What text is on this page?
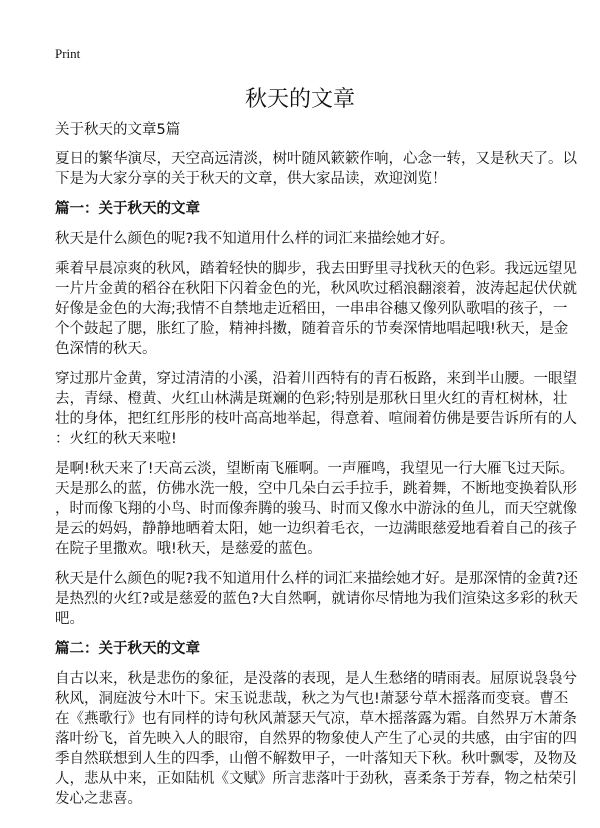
Print
秋天的文章
关于秋天的文章5篇
夏日的繁华演尽，天空高远清淡，树叶随风簌簌作响，心念一转，又是秋天了。以
下是为大家分享的关于秋天的文章，供大家品读，欢迎浏览！
篇一：关于秋天的文章
秋天是什么颜色的呢?我不知道用什么样的词汇来描绘她才好。
乘着早晨凉爽的秋风，踏着轻快的脚步，我去田野里寻找秋天的色彩。我远远望见
一片片金黄的稻谷在秋阳下闪着金色的光，秋风吹过稻浪翻滚着，波涛起起伏伏就
好像是金色的大海;我情不自禁地走近稻田，一串串谷穗又像列队歌唱的孩子，一
个个鼓起了腮，胀红了脸，精神抖擞，随着音乐的节奏深情地唱起哦!秋天，是金
色深情的秋天。
穿过那片金黄，穿过清清的小溪，沿着川西特有的青石板路，来到半山腰。一眼望
去，青绿、橙黄、火红山林满是斑斓的色彩;特别是那秋日里火红的青杠树林，壮
壮的身体，把红红彤彤的枝叶高高地举起，得意着、喧闹着仿佛是要告诉所有的人
：火红的秋天来啦!
是啊!秋天来了!天高云淡，望断南飞雁啊。一声雁鸣，我望见一行大雁飞过天际。
天是那么的蓝，仿佛水洗一般，空中几朵白云手拉手，跳着舞，不断地变换着队形
，时而像飞翔的小鸟、时而像奔腾的骏马、时而又像水中游泳的鱼儿，而天空就像
是云的妈妈，静静地晒着太阳，她一边织着毛衣，一边满眼慈爱地看着自己的孩子
在院子里撒欢。哦!秋天，是慈爱的蓝色。
秋天是什么颜色的呢?我不知道用什么样的词汇来描绘她才好。是那深情的金黄?还
是热烈的火红?或是慈爱的蓝色?大自然啊，就请你尽情地为我们渲染这多彩的秋天
吧。
篇二：关于秋天的文章
自古以来，秋是悲伤的象征，是没落的表现，是人生愁绪的晴雨表。屈原说袅袅兮
秋风，洞庭波兮木叶下。宋玉说悲哉，秋之为气也!萧瑟兮草木摇落而变衰。曹丕
在《燕歌行》也有同样的诗句秋风萧瑟天气凉，草木摇落露为霜。自然界万木萧条
落叶纷飞，首先映入人的眼帘，自然界的物象使人产生了心灵的共感，由宇宙的四
季自然联想到人生的四季，山僧不解数甲子，一叶落知天下秋。秋叶飘零，及物及
人，悲从中来，正如陆机《文赋》所言悲落叶于劲秋，喜柔条于芳春，物之枯荣引
发心之悲喜。
